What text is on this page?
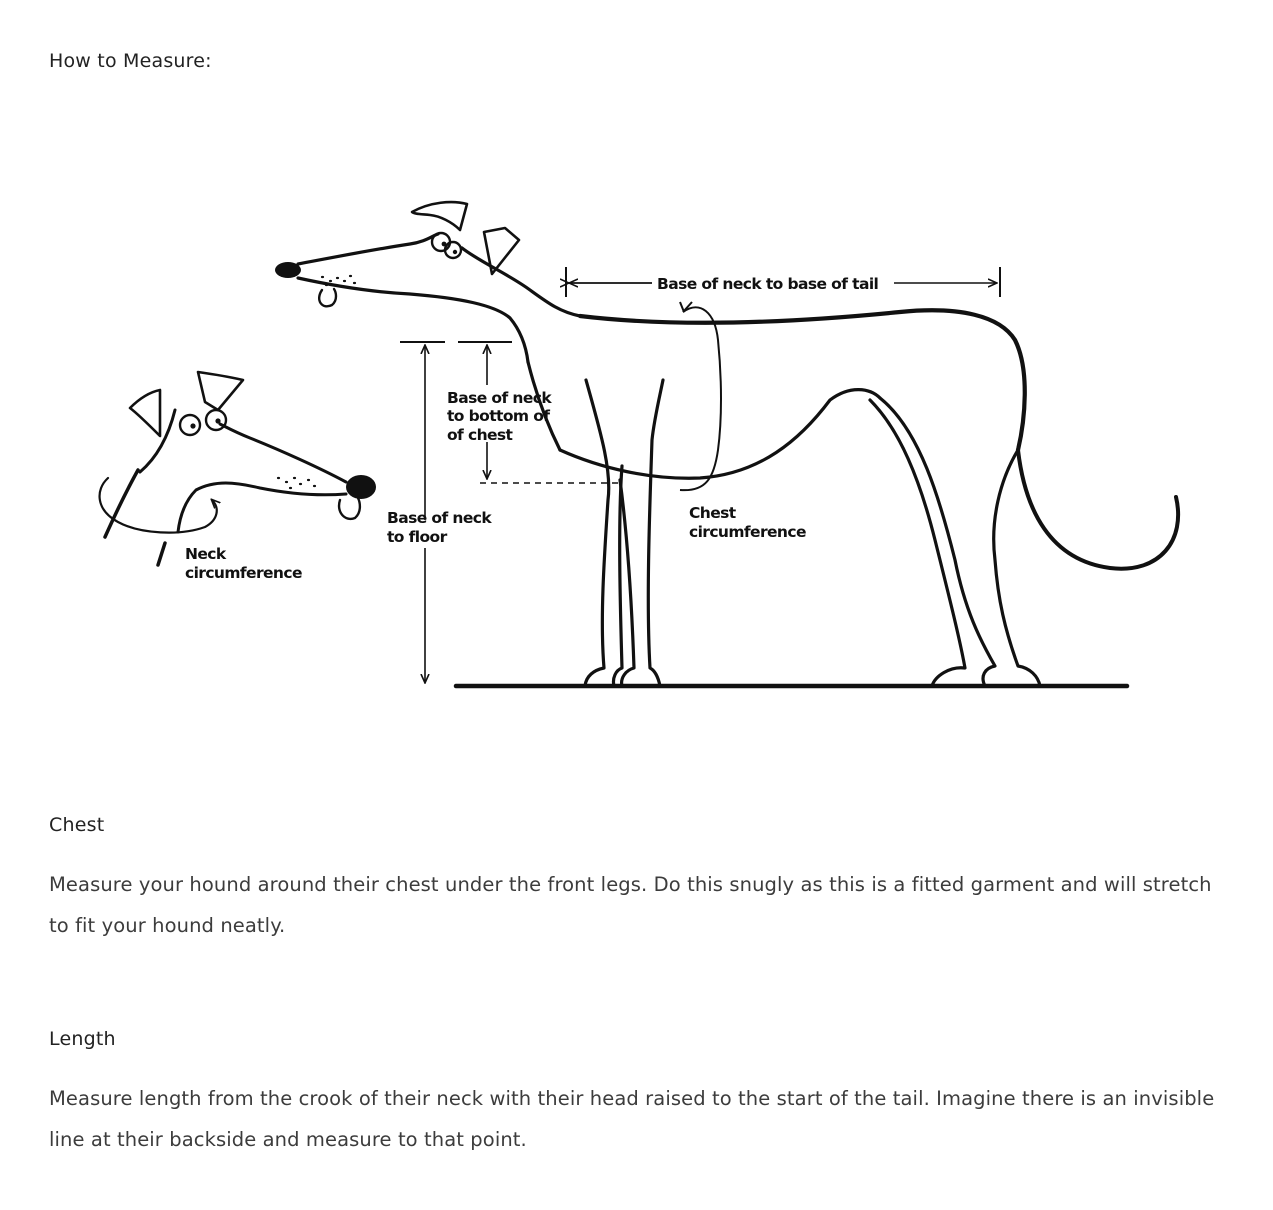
How to Measure:
Base of neck to base of tail
Base of neck
to bottom of
of chest
Base of neck
to floor
Chest
circumference
Neck
circumference
Chest

Measure your hound around their chest under the front legs. Do this snugly as this is a fitted garment and will stretch to fit your hound neatly.

Length

Measure length from the crook of their neck with their head raised to the start of the tail. Imagine there is an invisible line at their backside and measure to that point.
